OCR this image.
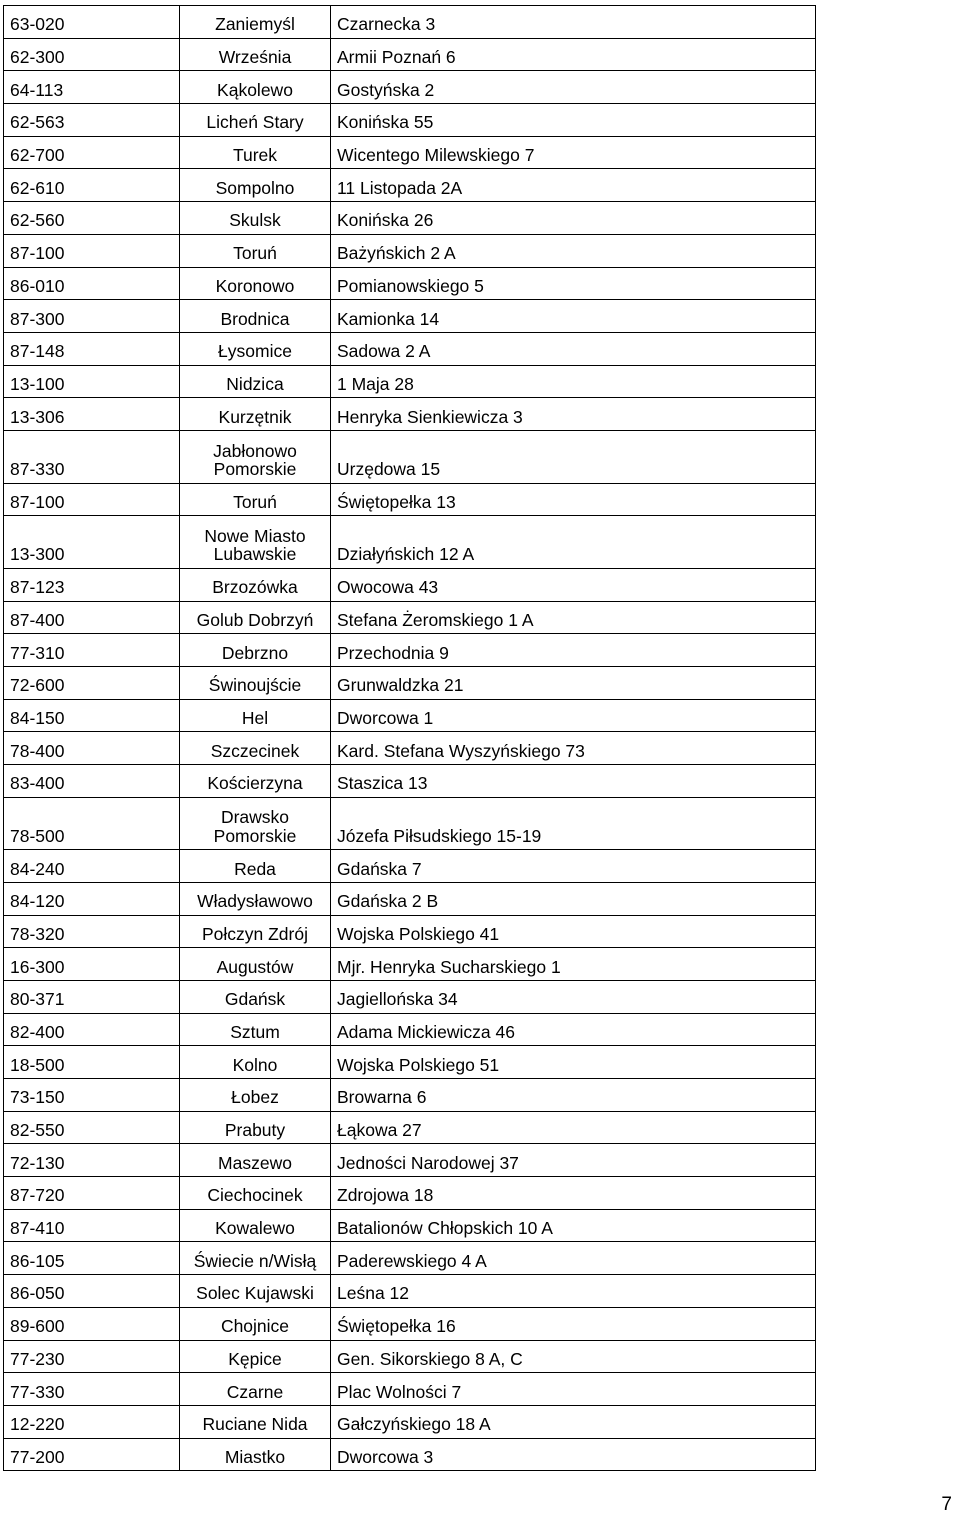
63-020	Zaniemyśl	Czarnecka 3
62-300	Września	Armii Poznań 6
64-113	Kąkolewo	Gostyńska 2
62-563	Licheń Stary	Konińska 55
62-700	Turek	Wicentego Milewskiego 7
62-610	Sompolno	11 Listopada 2A
62-560	Skulsk	Konińska 26
87-100	Toruń	Bażyńskich 2 A
86-010	Koronowo	Pomianowskiego 5
87-300	Brodnica	Kamionka 14
87-148	Łysomice	Sadowa 2 A
13-100	Nidzica	1 Maja 28
13-306	Kurzętnik	Henryka Sienkiewicza 3
87-330	Jabłonowo Pomorskie	Urzędowa 15
87-100	Toruń	Świętopełka 13
13-300	Nowe Miasto Lubawskie	Działyńskich 12 A
87-123	Brzozówka	Owocowa 43
87-400	Golub Dobrzyń	Stefana Żeromskiego 1 A
77-310	Debrzno	Przechodnia 9
72-600	Świnoujście	Grunwaldzka 21
84-150	Hel	Dworcowa 1
78-400	Szczecinek	Kard. Stefana Wyszyńskiego 73
83-400	Kościerzyna	Staszica 13
78-500	Drawsko Pomorskie	Józefa Piłsudskiego 15-19
84-240	Reda	Gdańska 7
84-120	Władysławowo	Gdańska 2 B
78-320	Połczyn Zdrój	Wojska Polskiego 41
16-300	Augustów	Mjr. Henryka Sucharskiego 1
80-371	Gdańsk	Jagiellońska 34
82-400	Sztum	Adama Mickiewicza 46
18-500	Kolno	Wojska Polskiego 51
73-150	Łobez	Browarna 6
82-550	Prabuty	Łąkowa 27
72-130	Maszewo	Jedności Narodowej 37
87-720	Ciechocinek	Zdrojowa 18
87-410	Kowalewo	Batalionów Chłopskich 10 A
86-105	Świecie n/Wisłą	Paderewskiego 4 A
86-050	Solec Kujawski	Leśna 12
89-600	Chojnice	Świętopełka 16
77-230	Kępice	Gen. Sikorskiego 8 A, C
77-330	Czarne	Plac Wolności 7
12-220	Ruciane Nida	Gałczyńskiego 18 A
77-200	Miastko	Dworcowa 3
7
